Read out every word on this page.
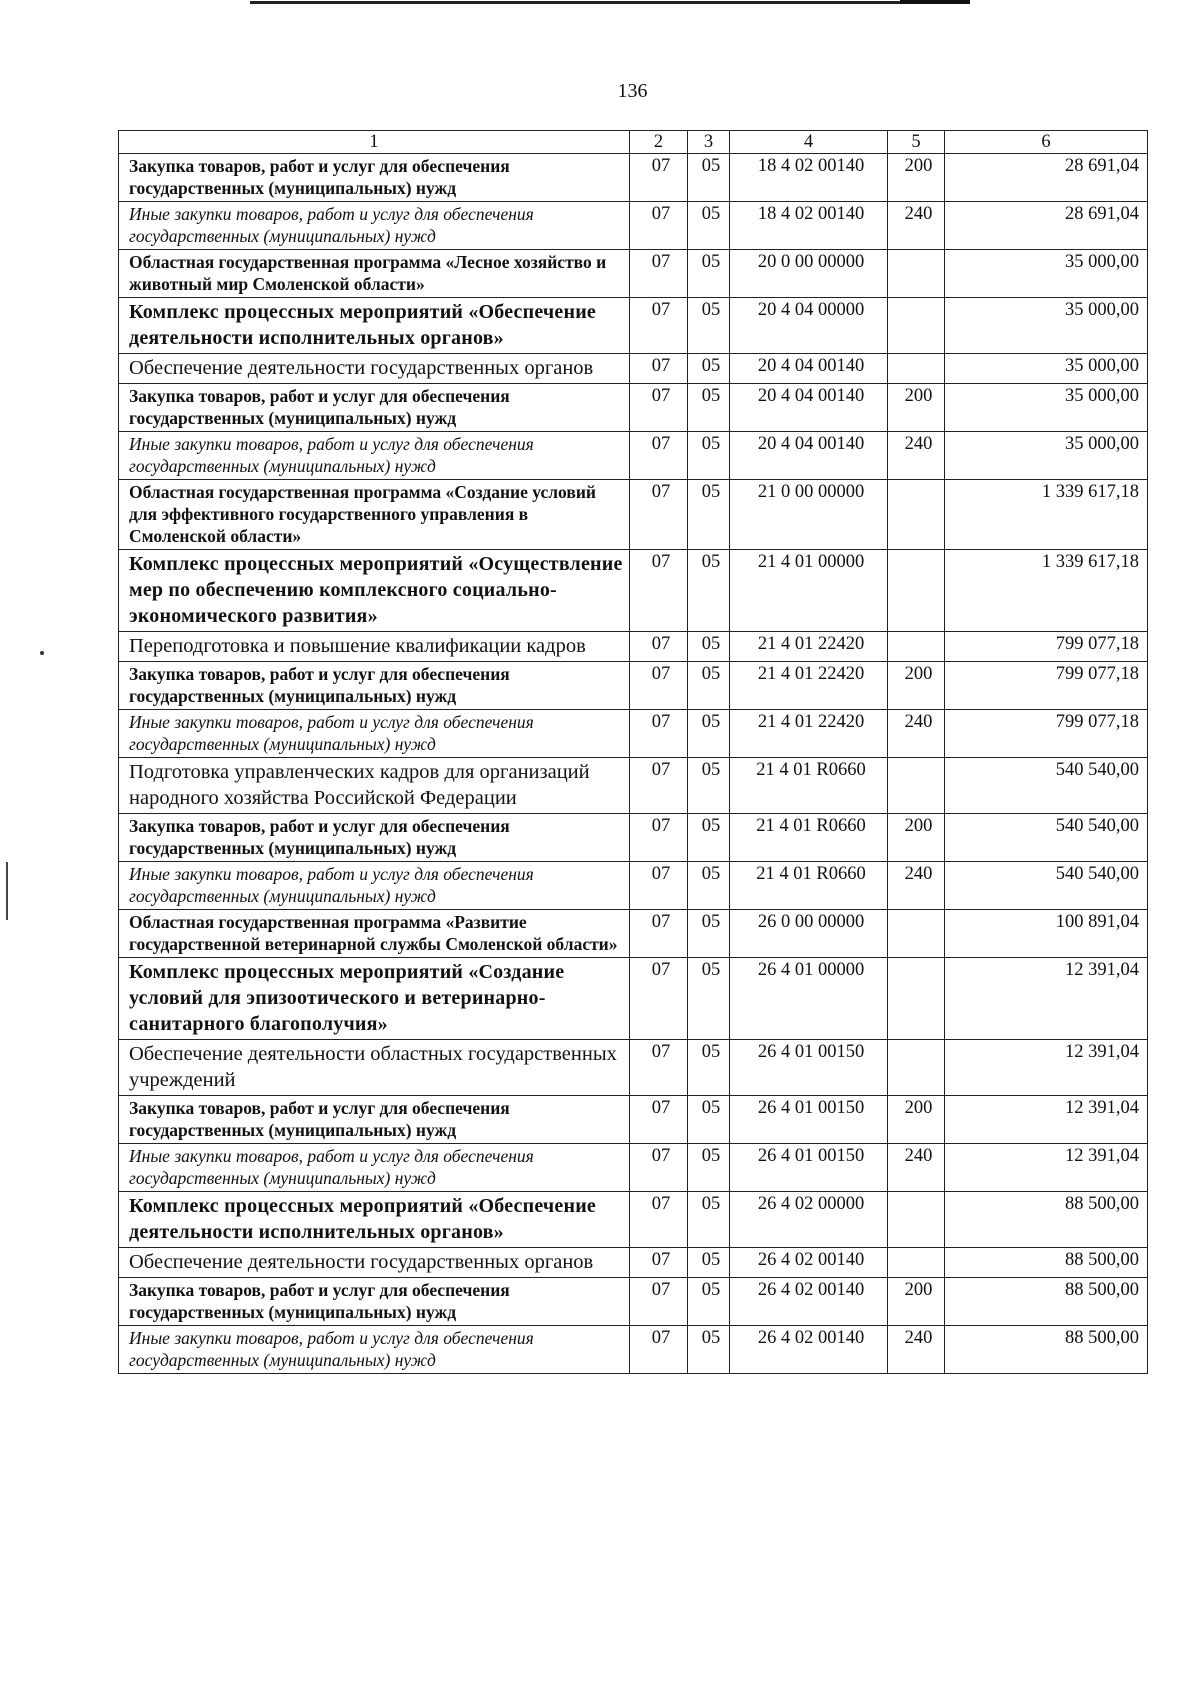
136
1	2	3	4	5	6
Закупка товаров, работ и услуг для обеспечения государственных (муниципальных) нужд	07	05	18 4 02 00140	200	28 691,04
Иные закупки товаров, работ и услуг для обеспечения государственных (муниципальных) нужд	07	05	18 4 02 00140	240	28 691,04
Областная государственная программа «Лесное хозяйство и животный мир Смоленской области»	07	05	20 0 00 00000		35 000,00
Комплекс процессных мероприятий «Обеспечение деятельности исполнительных органов»	07	05	20 4 04 00000		35 000,00
Обеспечение деятельности государственных органов	07	05	20 4 04 00140		35 000,00
Закупка товаров, работ и услуг для обеспечения государственных (муниципальных) нужд	07	05	20 4 04 00140	200	35 000,00
Иные закупки товаров, работ и услуг для обеспечения государственных (муниципальных) нужд	07	05	20 4 04 00140	240	35 000,00
Областная государственная программа «Создание условий для эффективного государственного управления в Смоленской области»	07	05	21 0 00 00000		1 339 617,18
Комплекс процессных мероприятий «Осуществление мер по обеспечению комплексного социально-экономического развития»	07	05	21 4 01 00000		1 339 617,18
Переподготовка и повышение квалификации кадров	07	05	21 4 01 22420		799 077,18
Закупка товаров, работ и услуг для обеспечения государственных (муниципальных) нужд	07	05	21 4 01 22420	200	799 077,18
Иные закупки товаров, работ и услуг для обеспечения государственных (муниципальных) нужд	07	05	21 4 01 22420	240	799 077,18
Подготовка управленческих кадров для организаций народного хозяйства Российской Федерации	07	05	21 4 01 R0660		540 540,00
Закупка товаров, работ и услуг для обеспечения государственных (муниципальных) нужд	07	05	21 4 01 R0660	200	540 540,00
Иные закупки товаров, работ и услуг для обеспечения государственных (муниципальных) нужд	07	05	21 4 01 R0660	240	540 540,00
Областная государственная программа «Развитие государственной ветеринарной службы Смоленской области»	07	05	26 0 00 00000		100 891,04
Комплекс процессных мероприятий «Создание условий для эпизоотического и ветеринарно-санитарного благополучия»	07	05	26 4 01 00000		12 391,04
Обеспечение деятельности областных государственных учреждений	07	05	26 4 01 00150		12 391,04
Закупка товаров, работ и услуг для обеспечения государственных (муниципальных) нужд	07	05	26 4 01 00150	200	12 391,04
Иные закупки товаров, работ и услуг для обеспечения государственных (муниципальных) нужд	07	05	26 4 01 00150	240	12 391,04
Комплекс процессных мероприятий «Обеспечение деятельности исполнительных органов»	07	05	26 4 02 00000		88 500,00
Обеспечение деятельности государственных органов	07	05	26 4 02 00140		88 500,00
Закупка товаров, работ и услуг для обеспечения государственных (муниципальных) нужд	07	05	26 4 02 00140	200	88 500,00
Иные закупки товаров, работ и услуг для обеспечения государственных (муниципальных) нужд	07	05	26 4 02 00140	240	88 500,00
